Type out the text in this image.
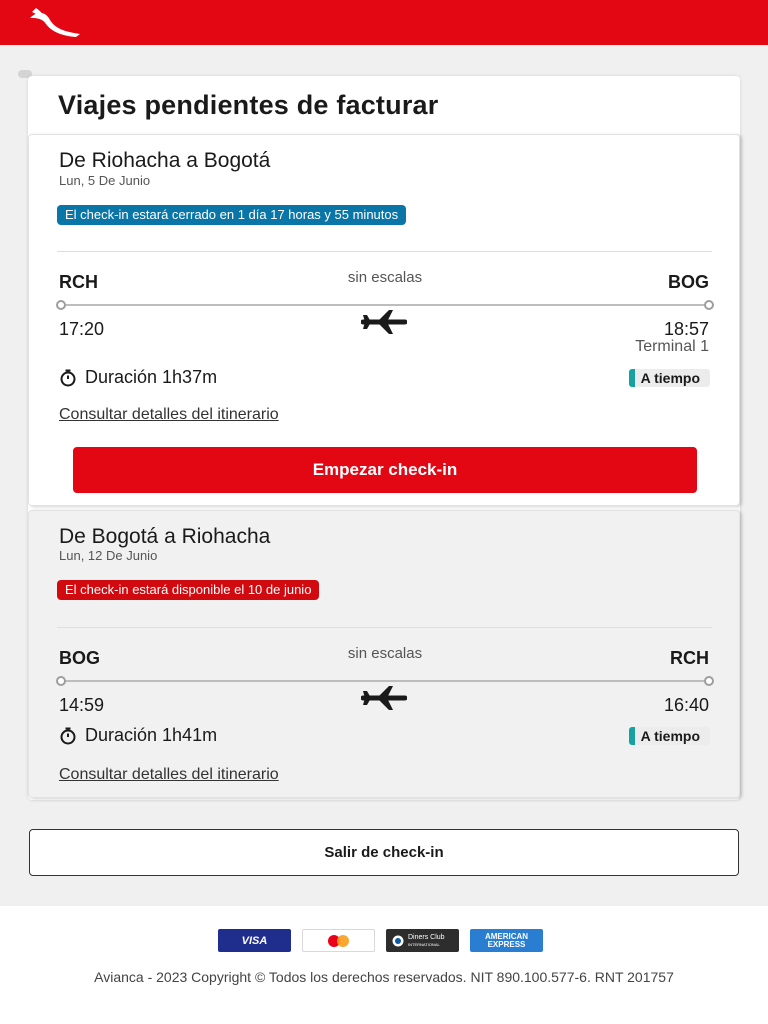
Viajes pendientes de facturar
De Riohacha a Bogotá
Lun, 5 De Junio
El check-in estará cerrado en 1 día 17 horas y 55 minutos
RCH	sin escalas	BOG
17:20	18:57
Terminal 1
Duración 1h37m	A tiempo
Consultar detalles del itinerario
Empezar check-in
De Bogotá a Riohacha
Lun, 12 De Junio
El check-in estará disponible el 10 de junio
BOG	sin escalas	RCH
14:59	16:40
Duración 1h41m	A tiempo
Consultar detalles del itinerario
Salir de check-in
VISA	Diners Club
INTERNATIONAL
AMERICAN
EXPRESS

Avianca - 2023 Copyright © Todos los derechos reservados. NIT 890.100.577-6. RNT 201757
